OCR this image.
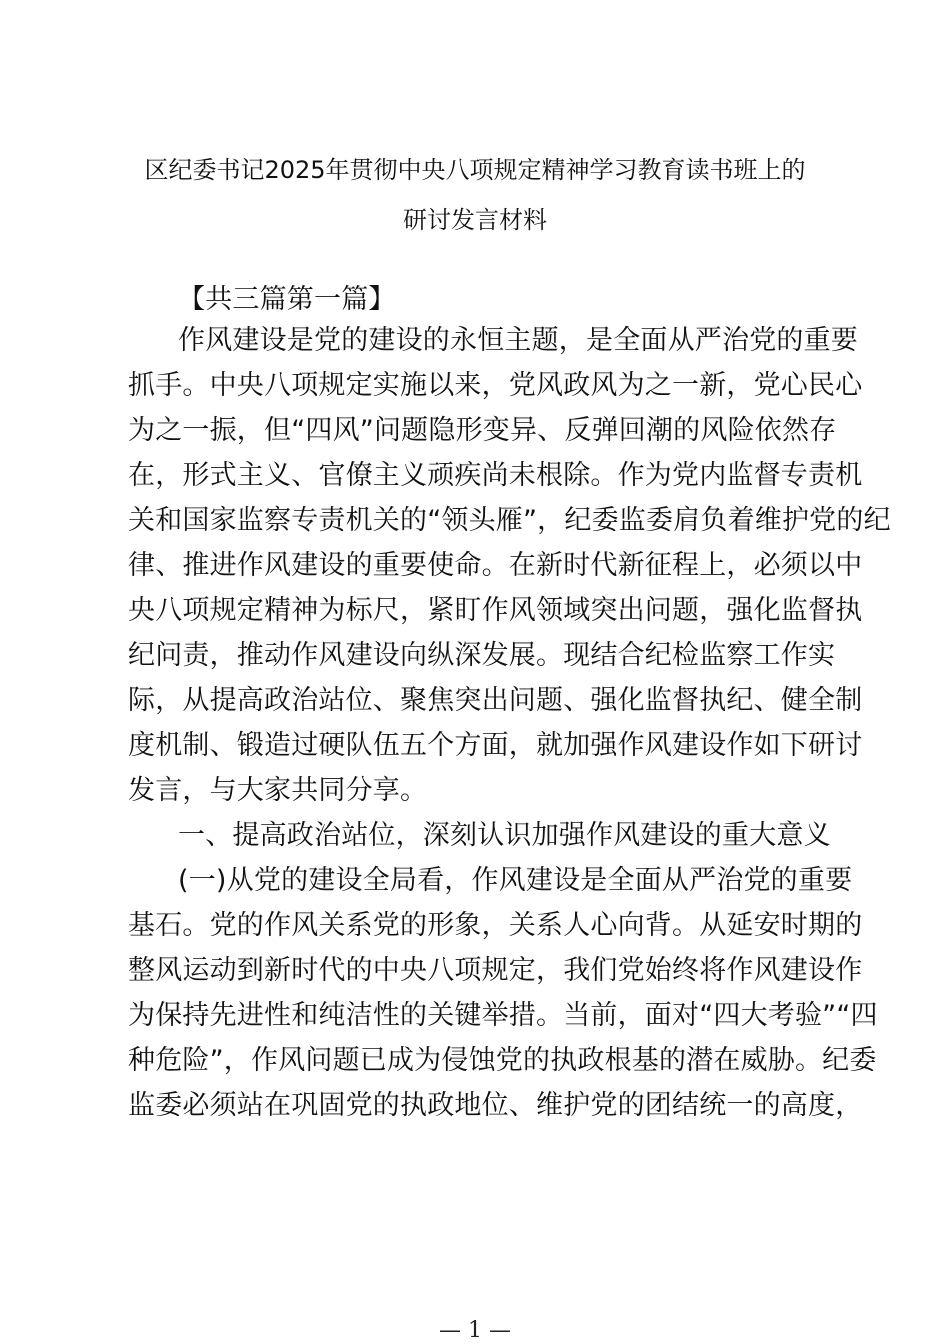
区纪委书记2025年贯彻中央八项规定精神学习教育读书班上的
研讨发言材料
【共三篇第一篇】
作风建设是党的建设的永恒主题，是全面从严治党的重要
抓手。中央八项规定实施以来，党风政风为之一新，党心民心
为之一振，但“四风”问题隐形变异、反弹回潮的风险依然存
在，形式主义、官僚主义顽疾尚未根除。作为党内监督专责机
关和国家监察专责机关的“领头雁”，纪委监委肩负着维护党的纪
律、推进作风建设的重要使命。在新时代新征程上，必须以中
央八项规定精神为标尺，紧盯作风领域突出问题，强化监督执
纪问责，推动作风建设向纵深发展。现结合纪检监察工作实
际，从提高政治站位、聚焦突出问题、强化监督执纪、健全制
度机制、锻造过硬队伍五个方面，就加强作风建设作如下研讨
发言，与大家共同分享。
一、提高政治站位，深刻认识加强作风建设的重大意义
(一)从党的建设全局看，作风建设是全面从严治党的重要
基石。党的作风关系党的形象，关系人心向背。从延安时期的
整风运动到新时代的中央八项规定，我们党始终将作风建设作
为保持先进性和纯洁性的关键举措。当前，面对“四大考验”“四
种危险”，作风问题已成为侵蚀党的执政根基的潜在威胁。纪委
监委必须站在巩固党的执政地位、维护党的团结统一的高度，
— 1 —
